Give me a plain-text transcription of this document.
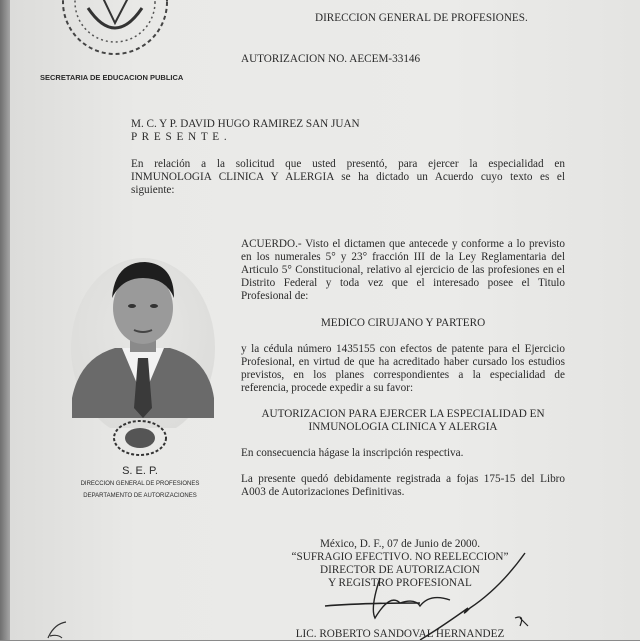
SECRETARIA DE EDUCACION PUBLICA
DIRECCION GENERAL DE PROFESIONES.
AUTORIZACION NO. AECEM-33146
M. C. Y P. DAVID HUGO RAMIREZ SAN JUAN
P R E S E N T E .
En relación a la solicitud que usted presentó, para ejercer la especialidad en
INMUNOLOGIA CLINICA Y ALERGIA se ha dictado un Acuerdo cuyo texto es el
siguiente:
ACUERDO.- Visto el dictamen que antecede y conforme a lo previsto
en los numerales 5° y 23° fracción III de la Ley Reglamentaria del
Articulo 5° Constitucional, relativo al ejercicio de las profesiones en el
Distrito Federal y toda vez que el interesado posee el Titulo
Profesional de:
MEDICO CIRUJANO Y PARTERO
y la cédula número 1435155 con efectos de patente para el Ejercicio
Profesional, en virtud de que ha acreditado haber cursado los estudios
previstos, en los planes correspondientes a la especialidad de
referencia, procede expedir a su favor:
AUTORIZACION PARA EJERCER LA ESPECIALIDAD EN
INMUNOLOGIA CLINICA Y ALERGIA
En consecuencia hágase la inscripción respectiva.
La presente quedó debidamente registrada a fojas 175-15 del Libro
A003 de Autorizaciones Definitivas.
S. E. P.
DIRECCION GENERAL DE PROFESIONES
DEPARTAMENTO DE AUTORIZACIONES
México, D. F., 07 de Junio de 2000.
“SUFRAGIO EFECTIVO. NO REELECCION”
DIRECTOR DE AUTORIZACION
Y REGISTRO PROFESIONAL
LIC. ROBERTO SANDOVAL HERNANDEZ
